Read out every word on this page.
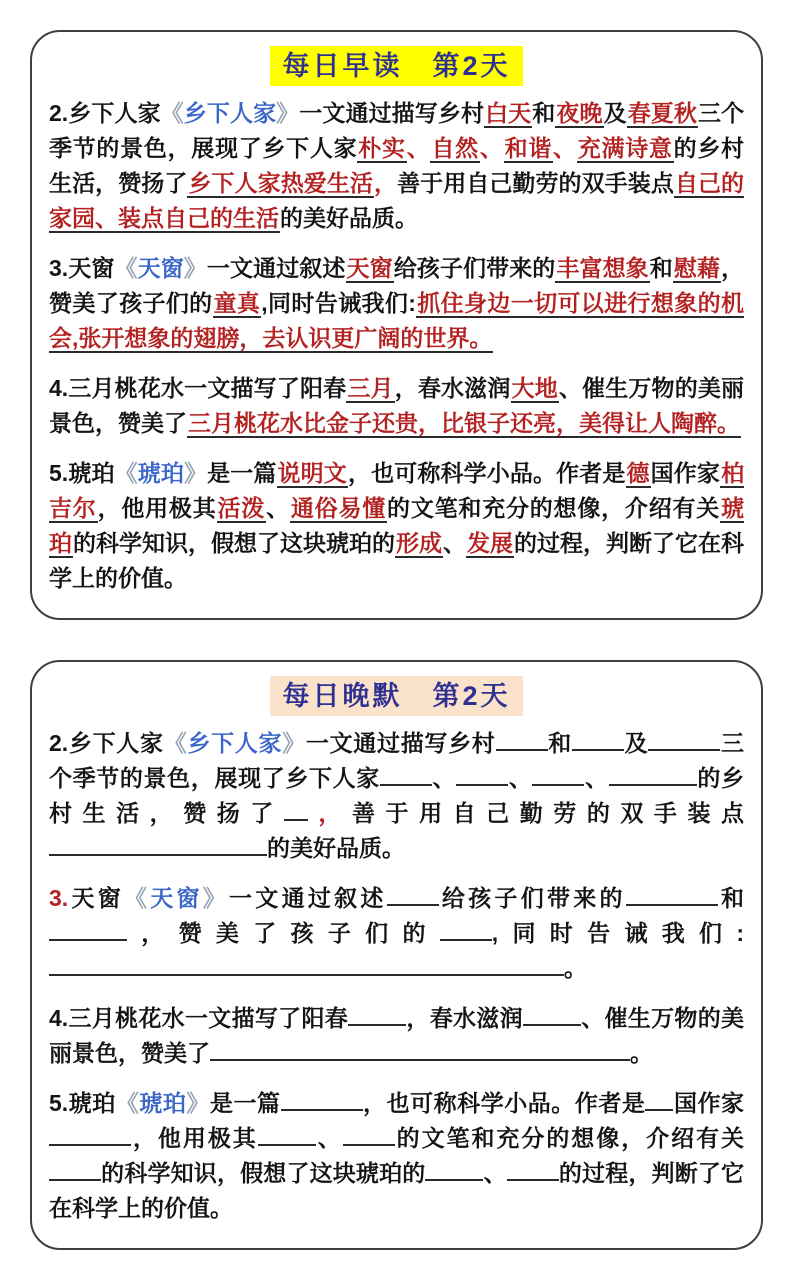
每日早读　第2天

2.乡下人家《乡下人家》一文通过描写乡村白天和夜晚及春夏秋三个季节的景色，展现了乡下人家朴实、自然、和谐、充满诗意的乡村生活，赞扬了乡下人家热爱生活，善于用自己勤劳的双手装点自己的家园、装点自己的生活的美好品质。

3.天窗《天窗》一文通过叙述天窗给孩子们带来的丰富想象和慰藉，赞美了孩子们的童真,同时告诫我们:抓住身边一切可以进行想象的机会,张开想象的翅膀，去认识更广阔的世界。

4.三月桃花水一文描写了阳春三月，春水滋润大地、催生万物的美丽景色，赞美了三月桃花水比金子还贵，比银子还亮，美得让人陶醉。

5.琥珀《琥珀》是一篇说明文，也可称科学小品。作者是德国作家柏吉尔，他用极其活泼、通俗易懂的文笔和充分的想像，介绍有关琥珀的科学知识，假想了这块琥珀的形成、发展的过程，判断了它在科学上的价值。

每日晚默　第2天

2.乡下人家《乡下人家》一文通过描写乡村 和 及	三个季节的景色，展现了乡下人家 、 、 、	的乡村生活，赞扬了 ，善于用自己勤劳的双手装点的美好品质。

3.天窗《天窗》一文通过叙述 给孩子们带来的	和，赞美了孩子们的 ,同时告诫我们:。

4.三月桃花水一文描写了阳春	，春水滋润	、催生万物的美丽景色，赞美了	。

5.琥珀《琥珀》是一篇	，也可称科学小品。作者是 国作家，他用极其	、 的文笔和充分的想像，介绍有关的科学知识，假想了这块琥珀的	、 的过程，判断了它在科学上的价值。
